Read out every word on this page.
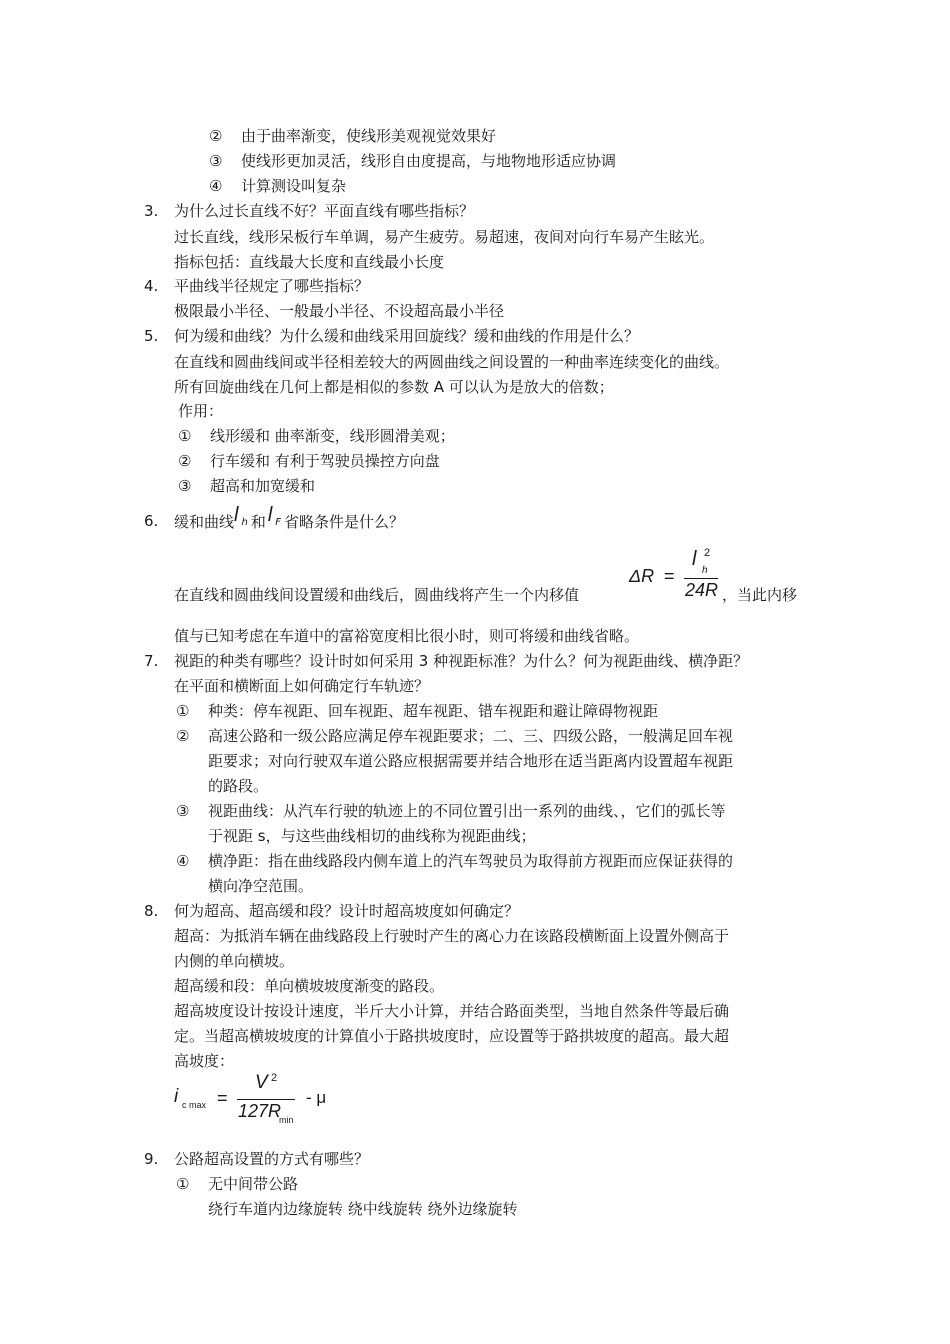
② 由于曲率渐变，使线形美观视觉效果好
③ 使线形更加灵活，线形自由度提高，与地物地形适应协调
④ 计算测设叫复杂
3. 为什么过长直线不好？平面直线有哪些指标？
过长直线，线形呆板行车单调，易产生疲劳。易超速，夜间对向行车易产生眩光。
指标包括：直线最大长度和直线最小长度
4. 平曲线半径规定了哪些指标？
极限最小半径、一般最小半径、不设超高最小半径
5. 何为缓和曲线？为什么缓和曲线采用回旋线？缓和曲线的作用是什么？
在直线和圆曲线间或半径相差较大的两圆曲线之间设置的一种曲率连续变化的曲线。
所有回旋曲线在几何上都是相似的参数 A 可以认为是放大的倍数；
作用：
① 线形缓和 曲率渐变，线形圆滑美观；
② 行车缓和 有利于驾驶员操控方向盘
③ 超高和加宽缓和
6. 缓和曲线l h 和 l F 省略条件是什么？
在直线和圆曲线间设置缓和曲线后，圆曲线将产生一个内移值
ΔR =
l 2
h
24R ，当此内移
值与已知考虑在车道中的富裕宽度相比很小时，则可将缓和曲线省略。
7. 视距的种类有哪些？设计时如何采用 3 种视距标准？为什么？何为视距曲线、横净距？
在平面和横断面上如何确定行车轨迹？
① 种类：停车视距、回车视距、超车视距、错车视距和避让障碍物视距
② 高速公路和一级公路应满足停车视距要求；二、三、四级公路，一般满足回车视
距要求；对向行驶双车道公路应根据需要并结合地形在适当距离内设置超车视距
的路段。
③ 视距曲线：从汽车行驶的轨迹上的不同位置引出一系列的曲线、，它们的弧长等
于视距 s，与这些曲线相切的曲线称为视距曲线；
④ 横净距：指在曲线路段内侧车道上的汽车驾驶员为取得前方视距而应保证获得的
横向净空范围。
8. 何为超高、超高缓和段？设计时超高坡度如何确定？
超高：为抵消车辆在曲线路段上行驶时产生的离心力在该路段横断面上设置外侧高于
内侧的单向横坡。
超高缓和段：单向横坡坡度渐变的路段。
超高坡度设计按设计速度，半斤大小计算，并结合路面类型，当地自然条件等最后确
定。当超高横坡坡度的计算值小于路拱坡度时，应设置等于路拱坡度的超高。最大超
高坡度：
i c max =
V 2
127R
min
- μ
9. 公路超高设置的方式有哪些？
① 无中间带公路
绕行车道内边缘旋转 绕中线旋转 绕外边缘旋转
